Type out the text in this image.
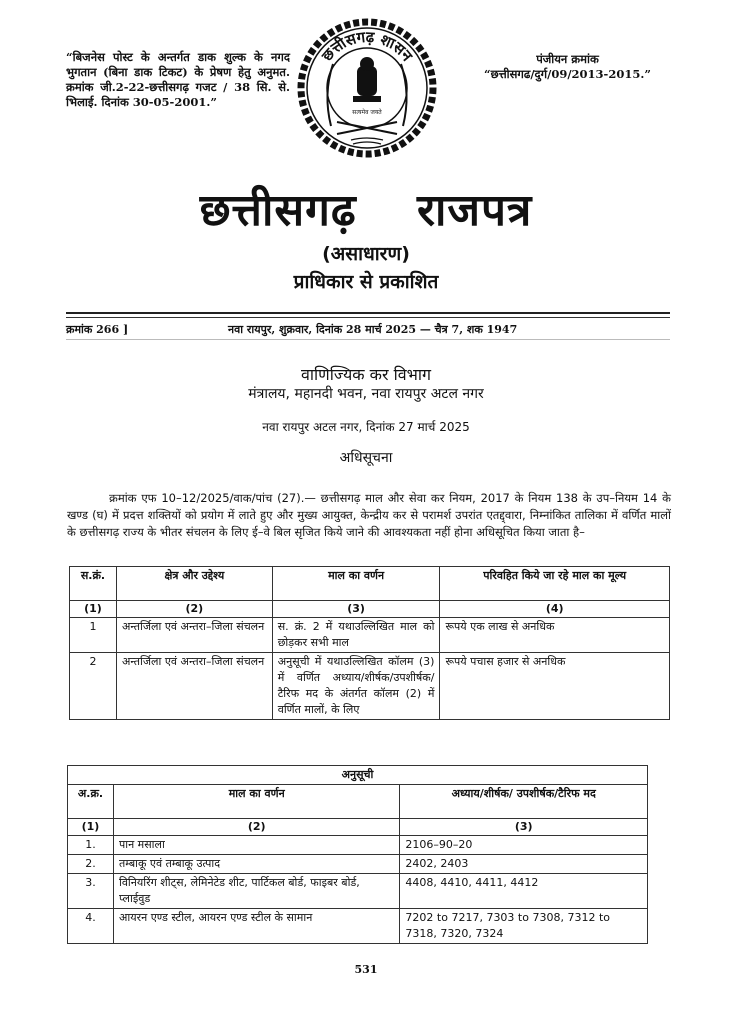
“बिजनेस पोस्ट के अन्तर्गत डाक शुल्क के नगद भुगतान (बिना डाक टिकट) के प्रेषण हेतु अनुमत. क्रमांक जी.2-22-छत्तीसगढ़ गजट / 38 सि. से. भिलाई. दिनांक 30-05-2001.”
छत्तीसगढ़ शासन
सत्यमेव जयते
पंजीयन क्रमांक
“छत्तीसगढ/दुर्ग/09/2013-2015.”
छत्तीसगढ़ राजपत्र
(असाधारण)
प्राधिकार से प्रकाशित
क्रमांक 266 ]	नवा रायपुर, शुक्रवार, दिनांक 28 मार्च 2025 — चैत्र 7, शक 1947
वाणिज्यिक कर विभाग
मंत्रालय, महानदी भवन, नवा रायपुर अटल नगर
नवा रायपुर अटल नगर, दिनांक 27 मार्च 2025
अधिसूचना
क्रमांक एफ 10–12/2025/वाक/पांच (27).— छत्तीसगढ़ माल और सेवा कर नियम, 2017 के नियम 138 के उप–नियम 14 के खण्ड (घ) में प्रदत्त शक्तियों को प्रयोग में लाते हुए और मुख्य आयुक्त, केन्द्रीय कर से परामर्श उपरांत एतद्द्वारा, निम्नांकित तालिका में वर्णित मालों के छत्तीसगढ़ राज्य के भीतर संचलन के लिए ई–वे बिल सृजित किये जाने की आवश्यकता नहीं होना अधिसूचित किया जाता है–
स.क्रं.	क्षेत्र और उद्देश्य	माल का वर्णन	परिवहित किये जा रहे माल का मूल्य
(1)	(2)	(3)	(4)
1	अन्तर्जिला एवं अन्तरा–जिला संचलन	स. क्रं. 2 में यथाउल्लिखित माल को छोड़कर सभी माल	रूपये एक लाख से अनधिक
2	अन्तर्जिला एवं अन्तरा–जिला संचलन	अनुसूची में यथाउल्लिखित कॉलम (3) में वर्णित अध्याय/शीर्षक/उपशीर्षक/टैरिफ मद के अंतर्गत कॉलम (2) में वर्णित मालों, के लिए	रूपये पचास हजार से अनधिक
अनुसूची		
अ.क्र.	माल का वर्णन	अध्याय/शीर्षक/ उपशीर्षक/टैरिफ मद
(1)	(2)	(3)
1.	पान मसाला	2106–90–20
2.	तम्बाकू एवं तम्बाकू उत्पाद	2402, 2403
3.	विनियरिंग शीट्स, लेमिनेटेड शीट, पार्टिकल बोर्ड, फाइबर बोर्ड, प्लाईवुड	4408, 4410, 4411, 4412
4.	आयरन एण्ड स्टील, आयरन एण्ड स्टील के सामान	7202 to 7217, 7303 to 7308, 7312 to 7318, 7320, 7324
531
